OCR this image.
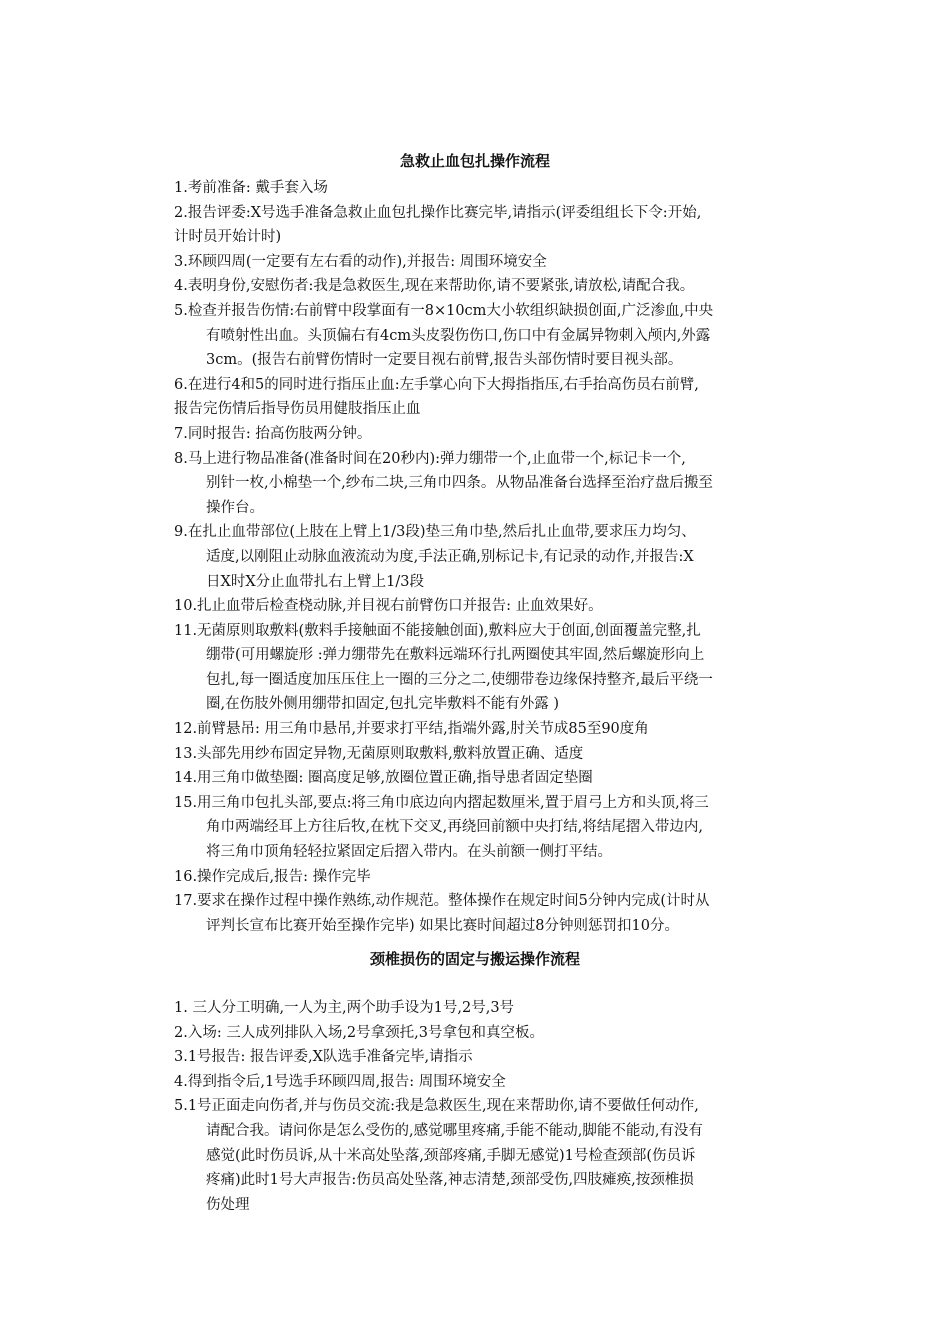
急救止血包扎操作流程
1.考前准备: 戴手套入场
2.报告评委:X号选手准备急救止血包扎操作比赛完毕,请指示(评委组组长下令:开始,
计时员开始计时)
3.环顾四周(一定要有左右看的动作),并报告: 周围环境安全
4.表明身份,安慰伤者:我是急救医生,现在来帮助你,请不要紧张,请放松,请配合我。
5.检查并报告伤情:右前臂中段掌面有一8×10cm大小软组织缺损创面,广泛渗血,中央
有喷射性出血。头顶偏右有4cm头皮裂伤伤口,伤口中有金属异物刺入颅内,外露
3cm。(报告右前臂伤情时一定要目视右前臂,报告头部伤情时要目视头部。
6.在进行4和5的同时进行指压止血:左手掌心向下大拇指指压,右手抬高伤员右前臂,
报告完伤情后指导伤员用健肢指压止血
7.同时报告: 抬高伤肢两分钟。
8.马上进行物品准备(准备时间在20秒内):弹力绷带一个,止血带一个,标记卡一个,
别针一枚,小棉垫一个,纱布二块,三角巾四条。从物品准备台选择至治疗盘后搬至
操作台。
9.在扎止血带部位(上肢在上臂上1/3段)垫三角巾垫,然后扎止血带,要求压力均匀、
适度,以刚阻止动脉血液流动为度,手法正确,别标记卡,有记录的动作,并报告:X
日X时X分止血带扎右上臂上1/3段
10.扎止血带后检查桡动脉,并目视右前臂伤口并报告: 止血效果好。
11.无菌原则取敷料(敷料手接触面不能接触创面),敷料应大于创面,创面覆盖完整,扎
绷带(可用螺旋形 :弹力绷带先在敷料远端环行扎两圈使其牢固,然后螺旋形向上
包扎,每一圈适度加压压住上一圈的三分之二,使绷带卷边缘保持整齐,最后平绕一
圈,在伤肢外侧用绷带扣固定,包扎完毕敷料不能有外露 )
12.前臂悬吊: 用三角巾悬吊,并要求打平结,指端外露,肘关节成85至90度角
13.头部先用纱布固定异物,无菌原则取敷料,敷料放置正确、适度
14.用三角巾做垫圈: 圈高度足够,放圈位置正确,指导患者固定垫圈
15.用三角巾包扎头部,要点:将三角巾底边向内摺起数厘米,置于眉弓上方和头顶,将三
角巾两端经耳上方往后牧,在枕下交叉,再绕回前额中央打结,将结尾摺入带边内,
将三角巾顶角轻轻拉紧固定后摺入带内。在头前额一侧打平结。
16.操作完成后,报告: 操作完毕
17.要求在操作过程中操作熟练,动作规范。整体操作在规定时间5分钟内完成(计时从
评判长宣布比赛开始至操作完毕) 如果比赛时间超过8分钟则惩罚扣10分。
颈椎损伤的固定与搬运操作流程
1. 三人分工明确,一人为主,两个助手设为1号,2号,3号
2.入场: 三人成列排队入场,2号拿颈托,3号拿包和真空板。
3.1号报告: 报告评委,X队选手准备完毕,请指示
4.得到指令后,1号选手环顾四周,报告: 周围环境安全
5.1号正面走向伤者,并与伤员交流:我是急救医生,现在来帮助你,请不要做任何动作,
请配合我。请问你是怎么受伤的,感觉哪里疼痛,手能不能动,脚能不能动,有没有
感觉(此时伤员诉,从十米高处坠落,颈部疼痛,手脚无感觉)1号检查颈部(伤员诉
疼痛)此时1号大声报告:伤员高处坠落,神志清楚,颈部受伤,四肢瘫痪,按颈椎损
伤处理
